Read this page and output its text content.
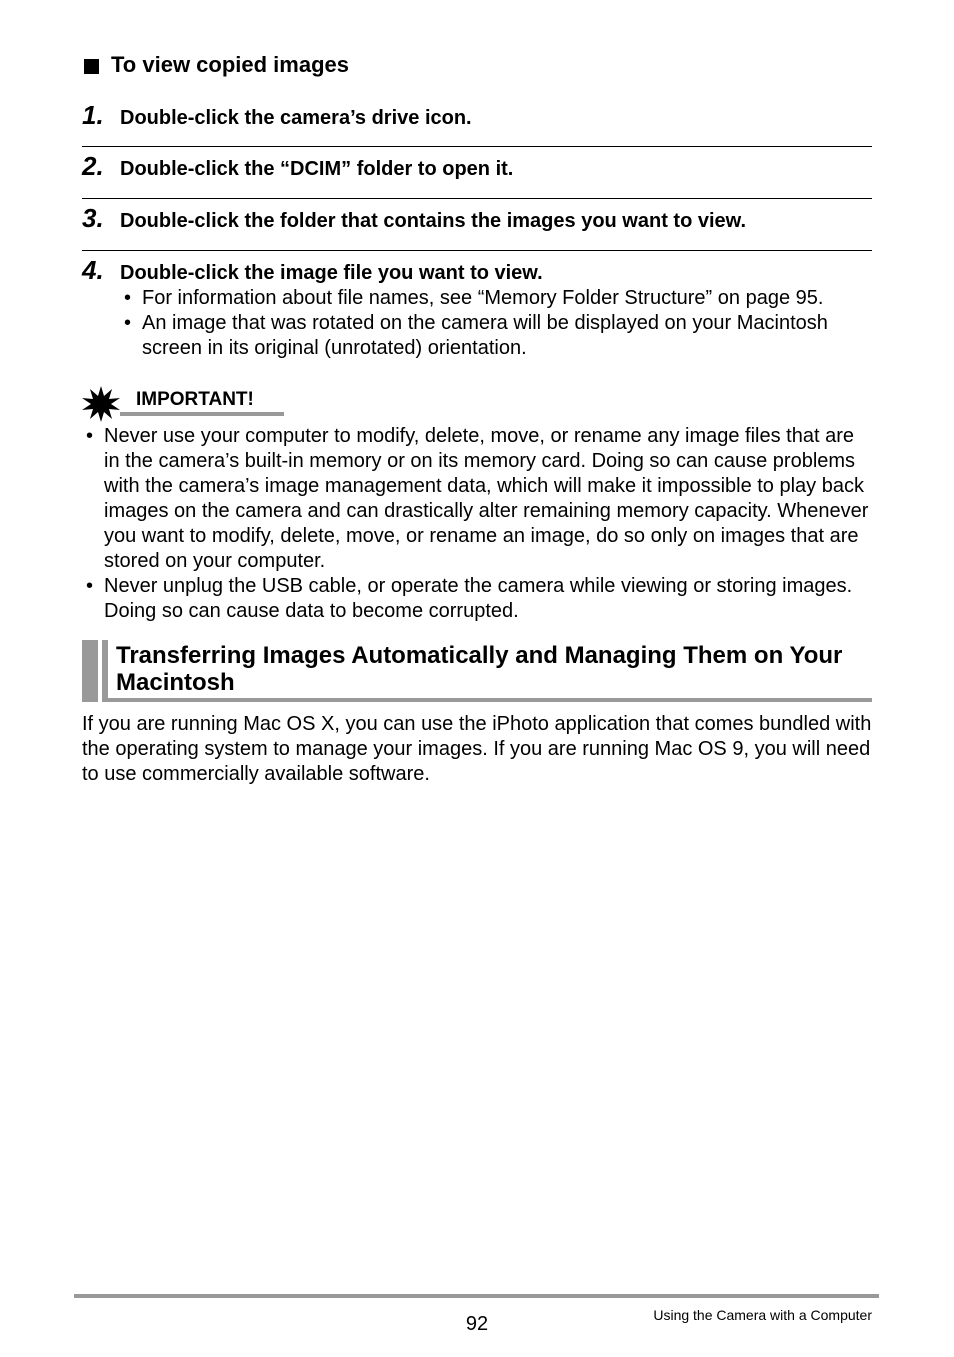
To view copied images
1. Double-click the camera’s drive icon.
2. Double-click the “DCIM” folder to open it.
3. Double-click the folder that contains the images you want to view.
4. Double-click the image file you want to view.
• For information about file names, see “Memory Folder Structure” on page 95.
• An image that was rotated on the camera will be displayed on your Macintosh screen in its original (unrotated) orientation.
IMPORTANT!
• Never use your computer to modify, delete, move, or rename any image files that are in the camera’s built-in memory or on its memory card. Doing so can cause problems with the camera’s image management data, which will make it impossible to play back images on the camera and can drastically alter remaining memory capacity. Whenever you want to modify, delete, move, or rename an image, do so only on images that are stored on your computer.
• Never unplug the USB cable, or operate the camera while viewing or storing images. Doing so can cause data to become corrupted.
Transferring Images Automatically and Managing Them on Your Macintosh
If you are running Mac OS X, you can use the iPhoto application that comes bundled with the operating system to manage your images. If you are running Mac OS 9, you will need to use commercially available software.
92	Using the Camera with a Computer
